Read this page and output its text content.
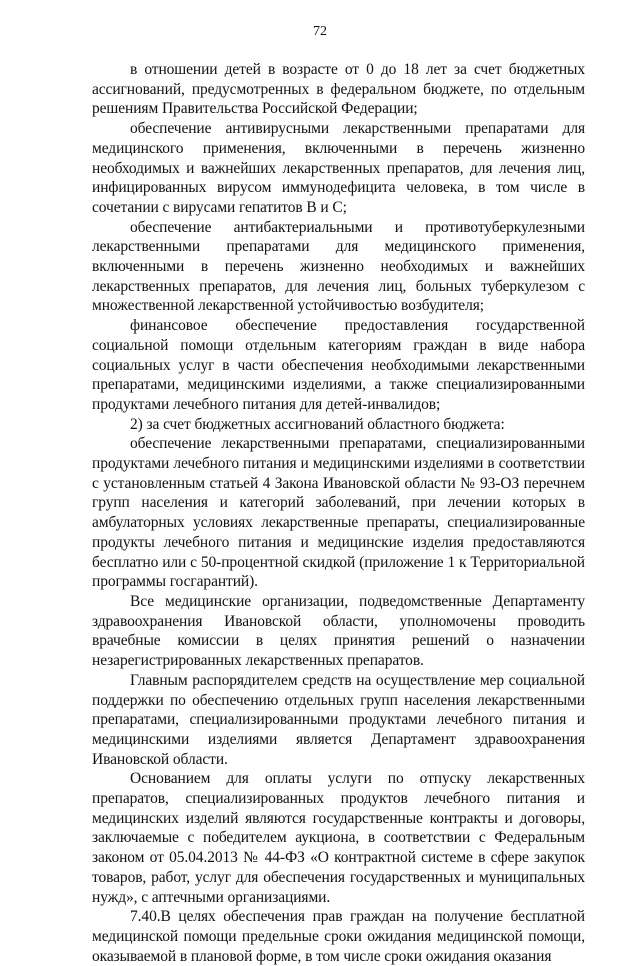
72

в отношении детей в возрасте от 0 до 18 лет за счет бюджетных ассигнований, предусмотренных в федеральном бюджете, по отдельным решениям Правительства Российской Федерации;

обеспечение антивирусными лекарственными препаратами для медицинского применения, включенными в перечень жизненно необходимых и важнейших лекарственных препаратов, для лечения лиц, инфицированных вирусом иммунодефицита человека, в том числе в сочетании с вирусами гепатитов B и C;

обеспечение антибактериальными и противотуберкулезными лекарственными препаратами для медицинского применения, включенными в перечень жизненно необходимых и важнейших лекарственных препаратов, для лечения лиц, больных туберкулезом с множественной лекарственной устойчивостью возбудителя;

финансовое обеспечение предоставления государственной социальной помощи отдельным категориям граждан в виде набора социальных услуг в части обеспечения необходимыми лекарственными препаратами, медицинскими изделиями, а также специализированными продуктами лечебного питания для детей-инвалидов;

2) за счет бюджетных ассигнований областного бюджета:

обеспечение лекарственными препаратами, специализированными продуктами лечебного питания и медицинскими изделиями в соответствии с установленным статьей 4 Закона Ивановской области № 93-ОЗ перечнем групп населения и категорий заболеваний, при лечении которых в амбулаторных условиях лекарственные препараты, специализированные продукты лечебного питания и медицинские изделия предоставляются бесплатно или с 50-процентной скидкой (приложение 1 к Территориальной программы госгарантий).

Все медицинские организации, подведомственные Департаменту здравоохранения Ивановской области, уполномочены проводить врачебные комиссии в целях принятия решений о назначении незарегистрированных лекарственных препаратов.

Главным распорядителем средств на осуществление мер социальной поддержки по обеспечению отдельных групп населения лекарственными препаратами, специализированными продуктами лечебного питания и медицинскими изделиями является Департамент здравоохранения Ивановской области.

Основанием для оплаты услуги по отпуску лекарственных препаратов, специализированных продуктов лечебного питания и медицинских изделий являются государственные контракты и договоры, заключаемые с победителем аукциона, в соответствии с Федеральным законом от 05.04.2013 № 44-ФЗ «О контрактной системе в сфере закупок товаров, работ, услуг для обеспечения государственных и муниципальных нужд», с аптечными организациями.

7.40.В целях обеспечения прав граждан на получение бесплатной медицинской помощи предельные сроки ожидания медицинской помощи, оказываемой в плановой форме, в том числе сроки ожидания оказания
